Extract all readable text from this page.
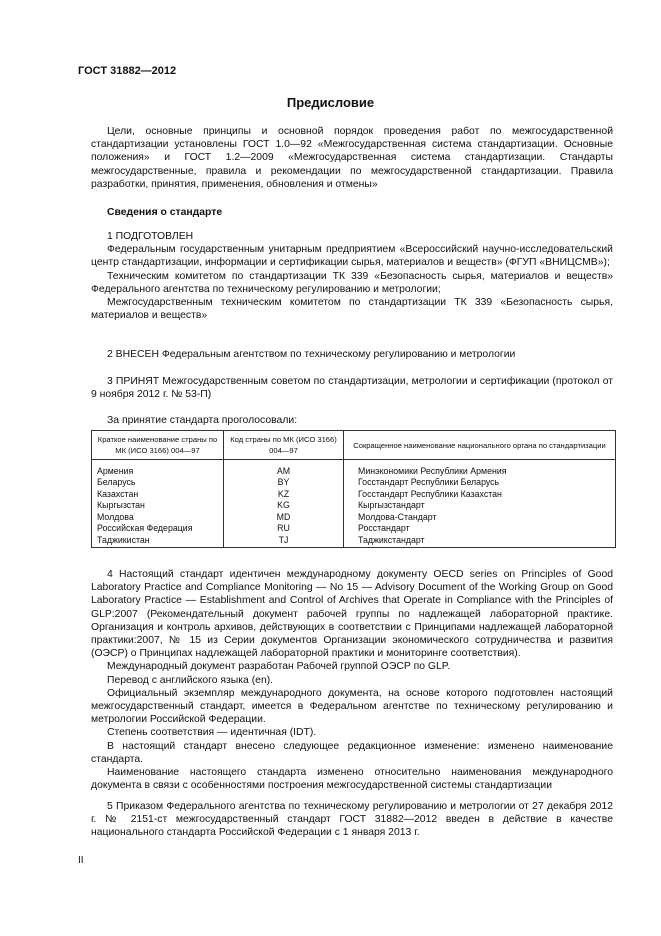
ГОСТ 31882—2012
Предисловие

Цели, основные принципы и основной порядок проведения работ по межгосударственной стандартизации установлены ГОСТ 1.0—92 «Межгосударственная система стандартизации. Основные положения» и ГОСТ 1.2—2009 «Межгосударственная система стандартизации. Стандарты межгосударственные, правила и рекомендации по межгосударственной стандартизации. Правила разработки, принятия, применения, обновления и отмены»

Сведения о стандарте

1 ПОДГОТОВЛЕН

Федеральным государственным унитарным предприятием «Всероссийский научно-исследовательский центр стандартизации, информации и сертификации сырья, материалов и веществ» (ФГУП «ВНИЦСМВ»);

Техническим комитетом по стандартизации ТК 339 «Безопасность сырья, материалов и веществ» Федерального агентства по техническому регулированию и метрологии;

Межгосударственным техническим комитетом по стандартизации ТК 339 «Безопасность сырья, материалов и веществ»

2 ВНЕСЕН Федеральным агентством по техническому регулированию и метрологии

3 ПРИНЯТ Межгосударственным советом по стандартизации, метрологии и сертификации (протокол от 9 ноября 2012 г. № 53-П)

За принятие стандарта проголосовали:

Краткое наименование страны по МК (ИСО 3166) 004—97	Код страны по МК (ИСО 3166) 004—97	Сокращенное наименование национального органа по стандартизации
Армения	AM	Минэкономики Республики Армения
Беларусь	BY	Госстандарт Республики Беларусь
Казахстан	KZ	Госстандарт Республики Казахстан
Кыргызстан	KG	Кыргызстандарт
Молдова	MD	Молдова-Стандарт
Российская Федерация	RU	Росстандарт
Таджикистан	TJ	Таджикстандарт

4 Настоящий стандарт идентичен международному документу OECD series on Principles of Good Laboratory Practice and Compliance Monitoring — No 15 — Advisory Document of the Working Group on Good Laboratory Practice — Establishment and Control of Archives that Operate in Compliance with the Principles of GLP:2007 (Рекомендательный документ рабочей группы по надлежащей лабораторной практике. Организация и контроль архивов, действующих в соответствии с Принципами надлежащей лабораторной практики:2007, № 15 из Серии документов Организации экономического сотрудничества и развития (ОЭСР) о Принципах надлежащей лабораторной практики и мониторинге соответствия).

Международный документ разработан Рабочей группой ОЭСР по GLP.

Перевод с английского языка (en).

Официальный экземпляр международного документа, на основе которого подготовлен настоящий межгосударственный стандарт, имеется в Федеральном агентстве по техническому регулированию и метрологии Российской Федерации.

Степень соответствия — идентичная (IDT).

В настоящий стандарт внесено следующее редакционное изменение: изменено наименование стандарта.

Наименование настоящего стандарта изменено относительно наименования международного документа в связи с особенностями построения межгосударственной системы стандартизации

5 Приказом Федерального агентства по техническому регулированию и метрологии от 27 декабря 2012 г. № 2151-ст межгосударственный стандарт ГОСТ 31882—2012 введен в действие в качестве национального стандарта Российской Федерации с 1 января 2013 г.

II
